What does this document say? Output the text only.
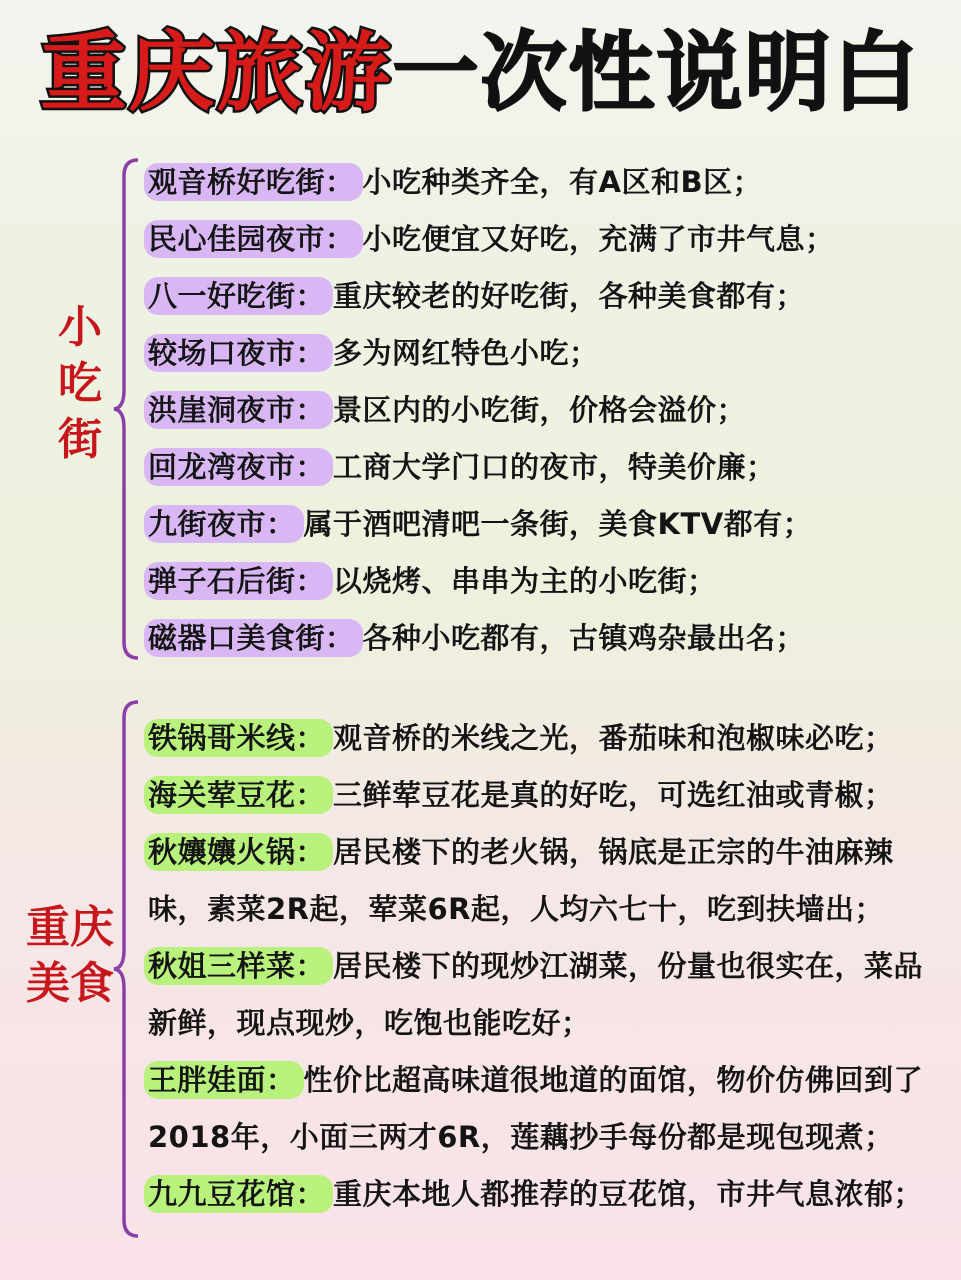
重庆旅游一次性说明白
小
吃
街
观音桥好吃街： 小吃种类齐全，有A区和B区；
民心佳园夜市： 小吃便宜又好吃，充满了市井气息；
八一好吃街： 重庆较老的好吃街，各种美食都有；
较场口夜市： 多为网红特色小吃；
洪崖洞夜市： 景区内的小吃街，价格会溢价；
回龙湾夜市： 工商大学门口的夜市，特美价廉；
九街夜市： 属于酒吧清吧一条街，美食KTV都有；
弹子石后街： 以烧烤、串串为主的小吃街；
磁器口美食街： 各种小吃都有，古镇鸡杂最出名；
重庆
美食
铁锅哥米线： 观音桥的米线之光，番茄味和泡椒味必吃；
海关荤豆花： 三鲜荤豆花是真的好吃，可选红油或青椒；
秋孃孃火锅： 居民楼下的老火锅，锅底是正宗的牛油麻辣味，素菜2R起，荤菜6R起，人均六七十，吃到扶墙出；
秋姐三样菜： 居民楼下的现炒江湖菜，份量也很实在，菜品新鲜，现点现炒，吃饱也能吃好；
王胖娃面： 性价比超高味道很地道的面馆，物价仿佛回到了2018年，小面三两才6R，莲藕抄手每份都是现包现煮；
九九豆花馆： 重庆本地人都推荐的豆花馆，市井气息浓郁；
